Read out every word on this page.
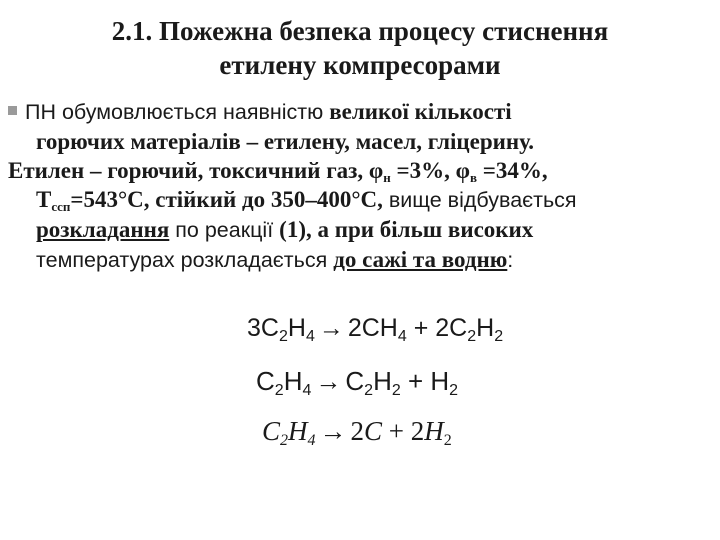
2.1. Пожежна безпека процесу стиснення
етилену компресорами
ПН обумовлюється наявністю великої кількості
горючих матеріалів – етилену, масел, гліцерину.
Етилен – горючий, токсичний газ, $\varphi_н =3\%$, $\varphi_в =34\%$,
$Т_{ссп}=543^\circ С$, стійкий до 350–400°С, вище відбувається
розкладання по реакції (1), а при більш високих
температурах розкладається до сажі та водню:
$3C_2H_4 \to 2CH_4 + 2C_2H_2$
$C_2H_4 \to C_2H_2 + H_2$
$C_2H_4 \to 2C + 2H_2$
